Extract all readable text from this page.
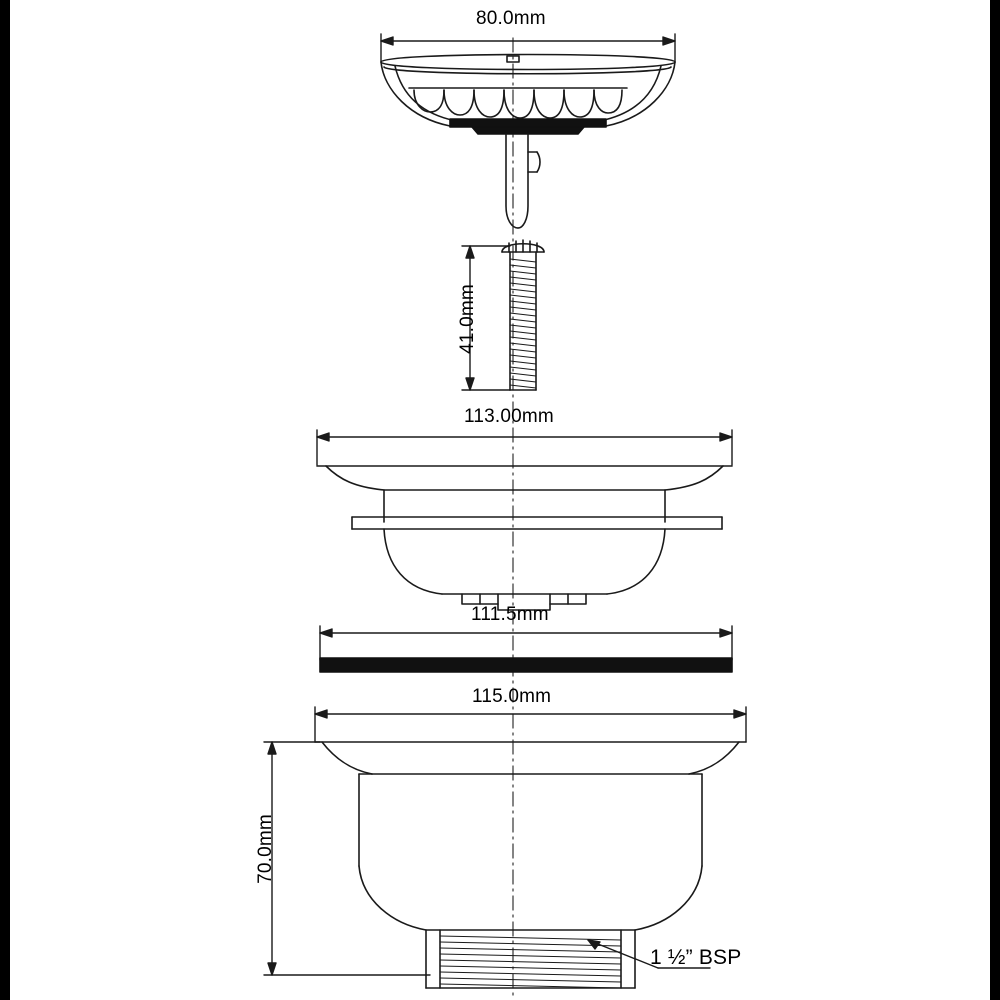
80.0mm
41.0mm
113.00mm
111.5mm
115.0mm
70.0mm
1 ½” BSP
